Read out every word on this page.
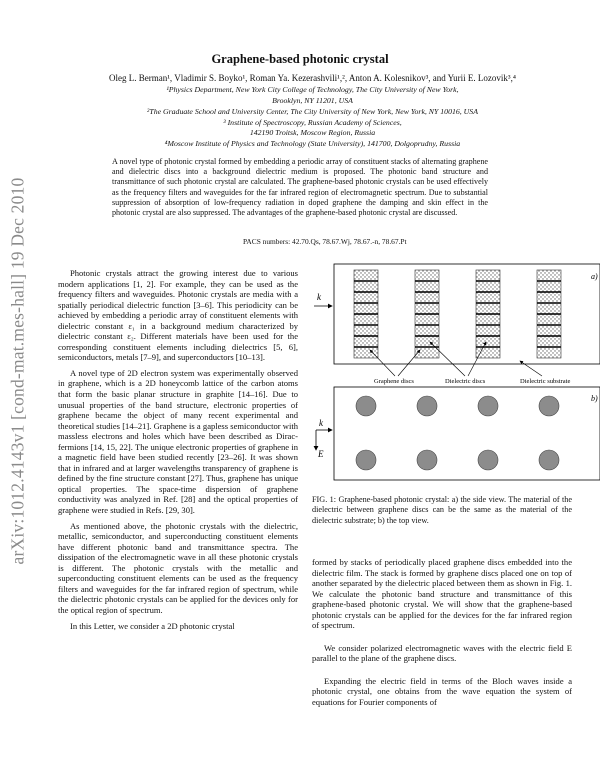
arXiv:1012.4143v1 [cond-mat.mes-hall] 19 Dec 2010
Graphene-based photonic crystal
Oleg L. Berman¹, Vladimir S. Boyko¹, Roman Ya. Kezerashvili¹,², Anton A. Kolesnikov³, and Yurii E. Lozovik³,⁴
¹Physics Department, New York City College of Technology, The City University of New York,
Brooklyn, NY 11201, USA
²The Graduate School and University Center, The City University of New York, New York, NY 10016, USA
³ Institute of Spectroscopy, Russian Academy of Sciences,
142190 Troitsk, Moscow Region, Russia
⁴Moscow Institute of Physics and Technology (State University), 141700, Dolgoprudny, Russia
A novel type of photonic crystal formed by embedding a periodic array of constituent stacks of alternating graphene and dielectric discs into a background dielectric medium is proposed. The photonic band structure and transmittance of such photonic crystal are calculated. The graphene-based photonic crystals can be used effectively as the frequency filters and waveguides for the far infrared region of electromagnetic spectrum. Due to substantial suppression of absorption of low-frequency radiation in doped graphene the damping and skin effect in the photonic crystal are also suppressed. The advantages of the graphene-based photonic crystal are discussed.
PACS numbers: 42.70.Qs, 78.67.Wj, 78.67.-n, 78.67.Pt

Photonic crystals attract the growing interest due to various modern applications [1, 2]. For example, they can be used as the frequency filters and waveguides. Photonic crystals are media with a spatially periodical dielectric function [3–6]. This periodicity can be achieved by embedding a periodic array of constituent elements with dielectric constant ε₁ in a background medium characterized by dielectric constant ε₂. Different materials have been used for the corresponding constituent elements including dielectrics [5, 6], semiconductors, metals [7–9], and superconductors [10–13].

A novel type of 2D electron system was experimentally observed in graphene, which is a 2D honeycomb lattice of the carbon atoms that form the basic planar structure in graphite [14–16]. Due to unusual properties of the band structure, electronic properties of graphene became the object of many recent experimental and theoretical studies [14–21]. Graphene is a gapless semiconductor with massless electrons and holes which have been described as Dirac-fermions [14, 15, 22]. The unique electronic properties of graphene in a magnetic field have been studied recently [23–26]. It was shown that in infrared and at larger wavelengths transparency of graphene is defined by the fine structure constant [27]. Thus, graphene has unique optical properties. The space-time dispersion of graphene conductivity was analyzed in Ref. [28] and the optical properties of graphene were studied in Refs. [29, 30].

As mentioned above, the photonic crystals with the dielectric, metallic, semiconductor, and superconducting constituent elements have different photonic band and transmittance spectra. The dissipation of the electromagnetic wave in all these photonic crystals is different. The photonic crystals with the metallic and superconducting constituent elements can be used as the frequency filters and waveguides for the far infrared region of spectrum, while the dielectric photonic crystals can be applied for the devices only for the optical region of spectrum.

In this Letter, we consider a 2D photonic crystal

a)
k
Graphene discs	Dielectric discs	Dielectric substrate
b)
k
E
FIG. 1: Graphene-based photonic crystal: a) the side view. The material of the dielectric between graphene discs can be the same as the material of the dielectric substrate; b) the top view.

formed by stacks of periodically placed graphene discs embedded into the dielectric film. The stack is formed by graphene discs placed one on top of another separated by the dielectric placed between them as shown in Fig. 1. We calculate the photonic band structure and transmittance of this graphene-based photonic crystal. We will show that the graphene-based photonic crystals can be applied for the devices for the far infrared region of spectrum.

We consider polarized electromagnetic waves with the electric field E parallel to the plane of the graphene discs.

Expanding the electric field in terms of the Bloch waves inside a photonic crystal, one obtains from the wave equation the system of equations for Fourier components of
